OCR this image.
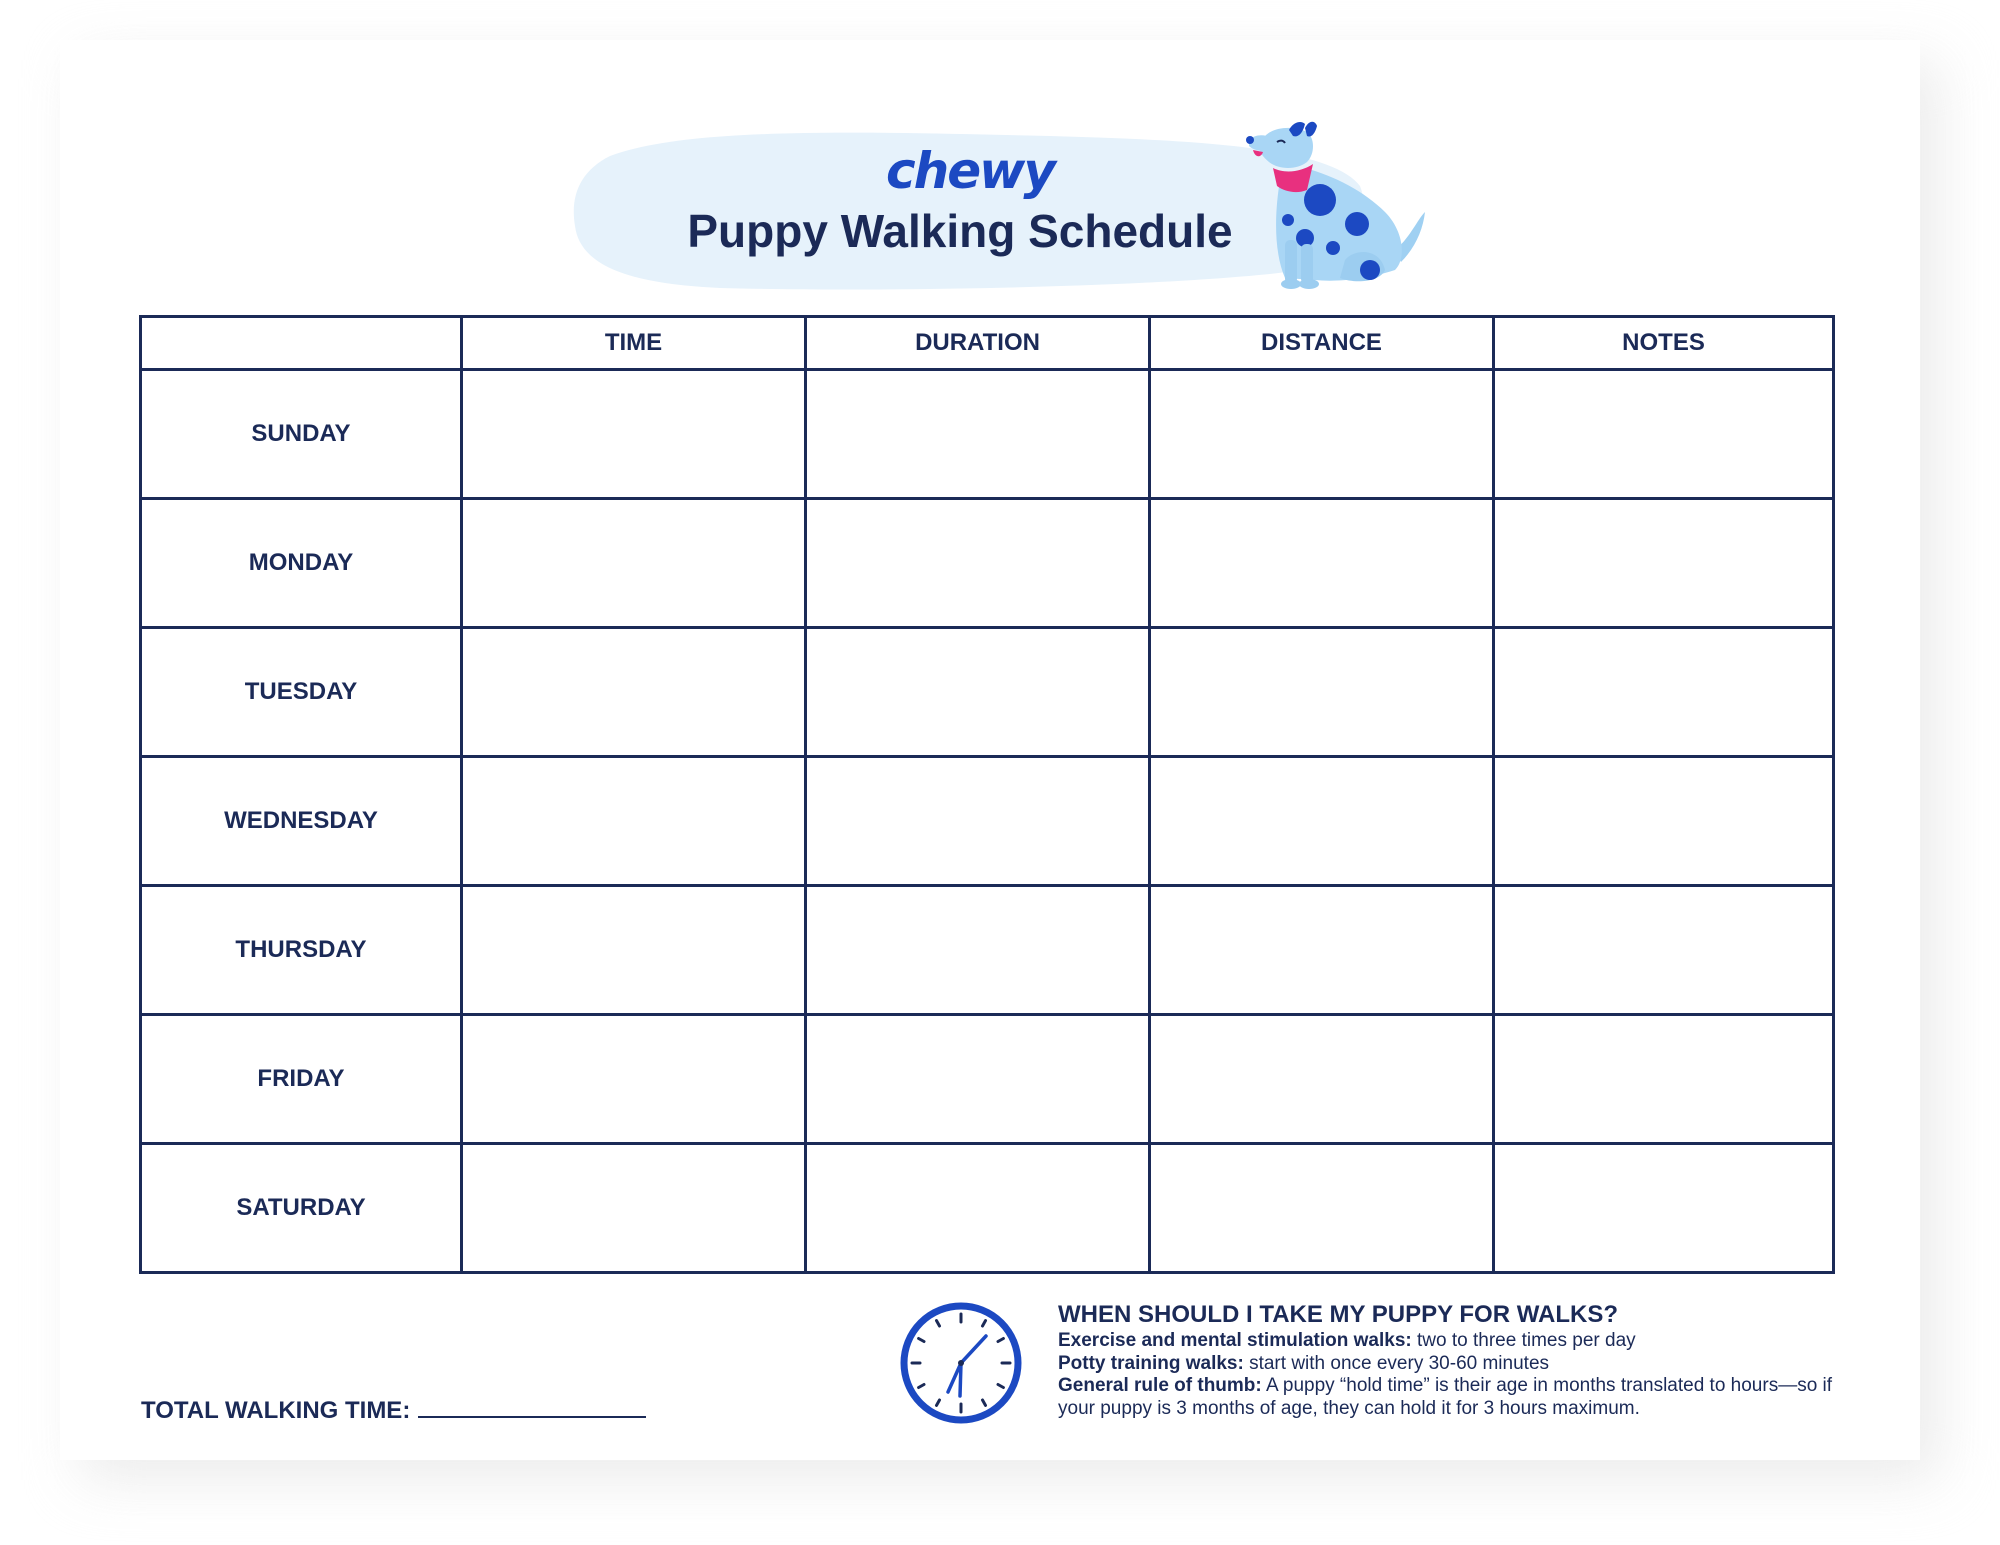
chewy
Puppy Walking Schedule
	TIME	DURATION	DISTANCE	NOTES
SUNDAY				
MONDAY				
TUESDAY				
WEDNESDAY				
THURSDAY				
FRIDAY				
SATURDAY				
TOTAL WALKING TIME:
WHEN SHOULD I TAKE MY PUPPY FOR WALKS?
Exercise and mental stimulation walks: two to three times per day
Potty training walks: start with once every 30-60 minutes
General rule of thumb: A puppy “hold time” is their age in months translated to hours—so if your puppy is 3 months of age, they can hold it for 3 hours maximum.
